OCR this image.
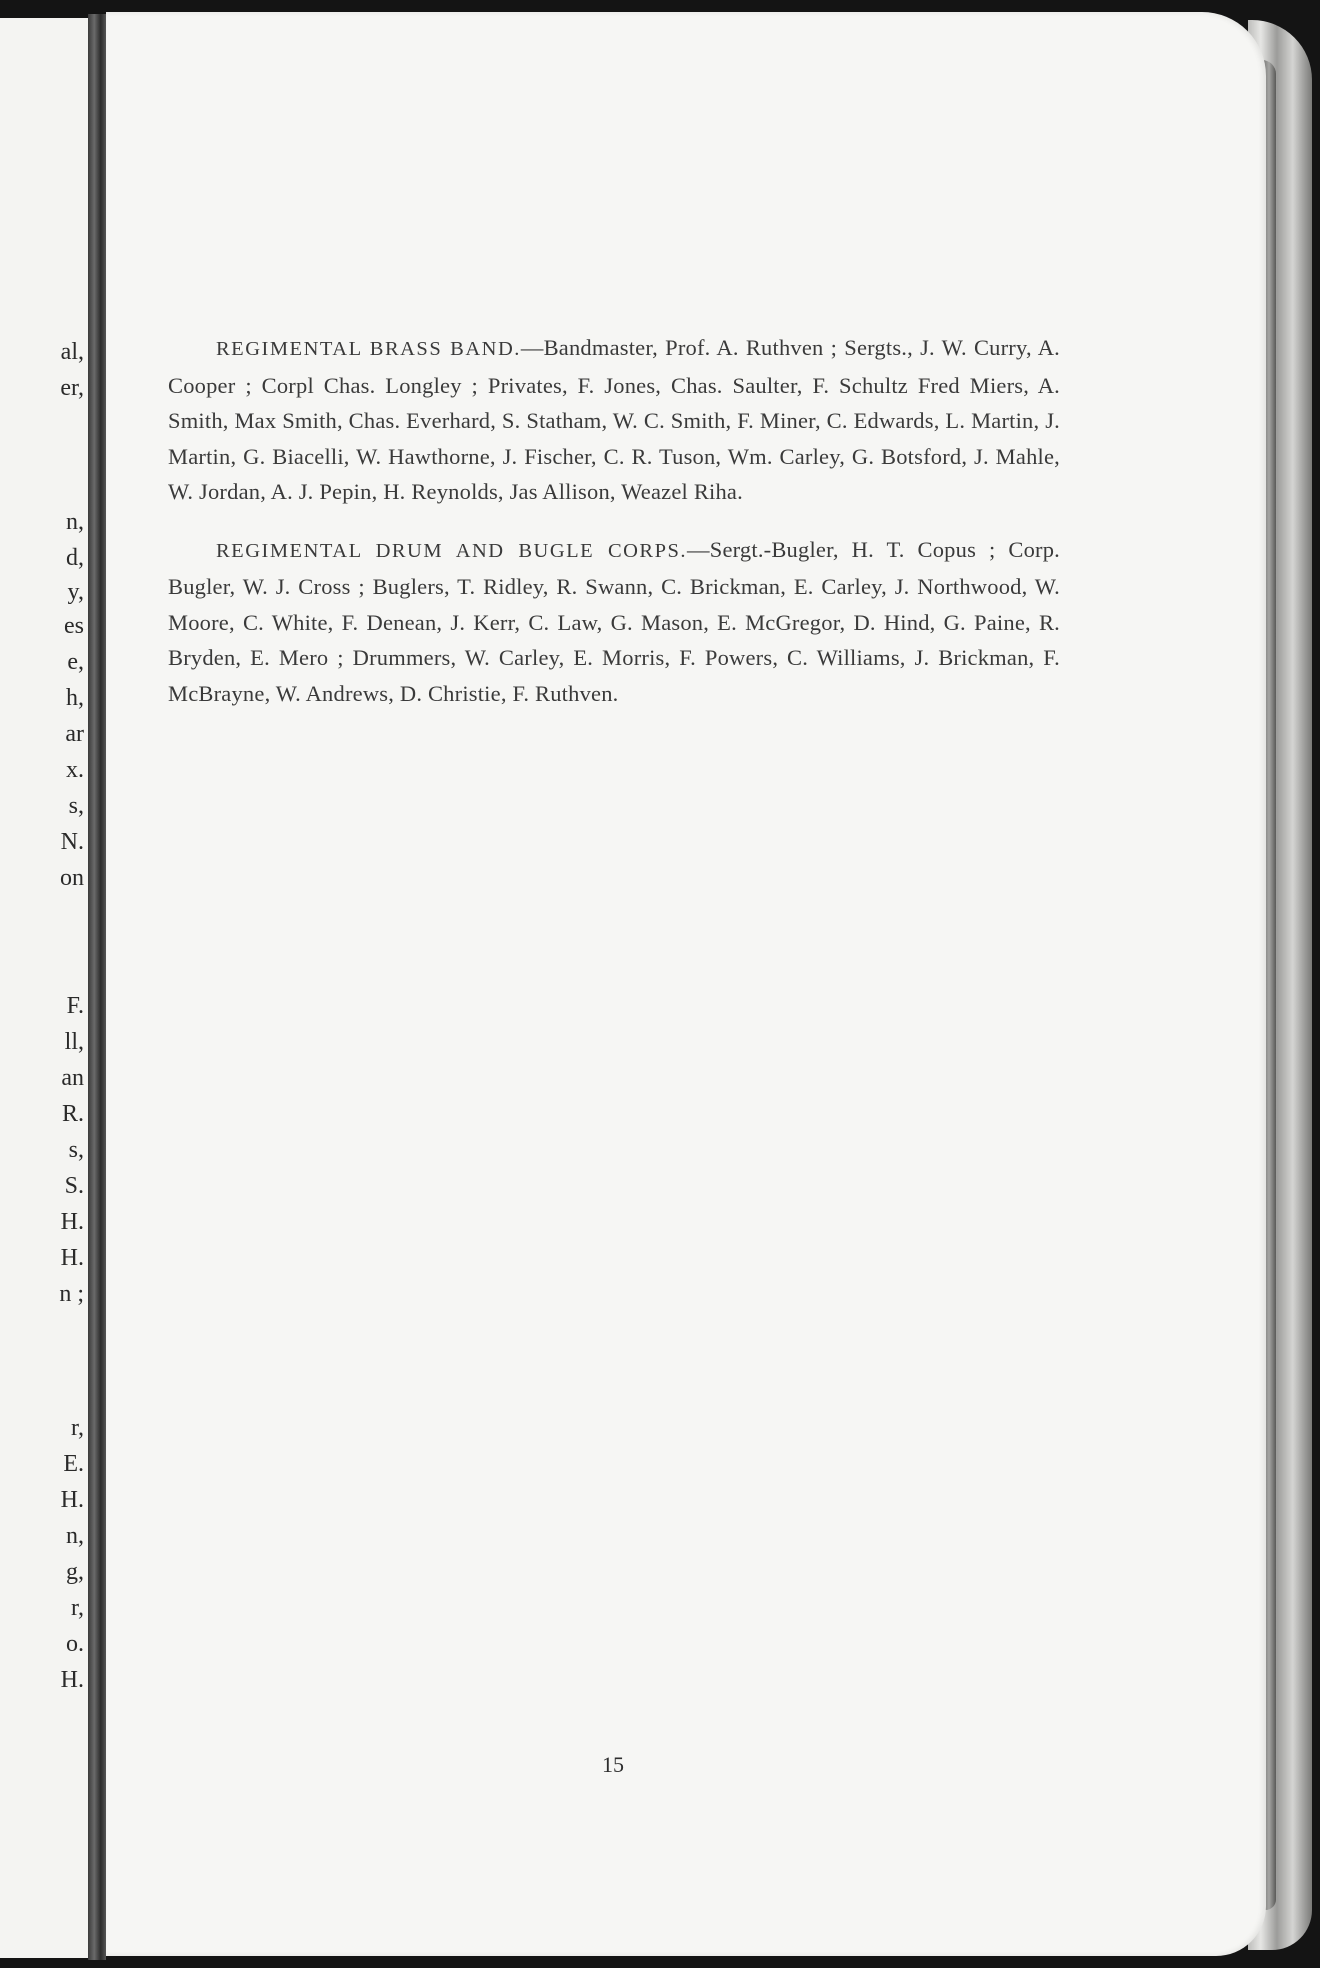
al,
er,
n,
d,
y,
es
e,
h,
ar
x.
s,
N.
on
F.
ll,
an
R.
s,
S.
H.
H.
n ;
r,
E.
H.
n,
g,
r,
o.
H.

REGIMENTAL BRASS BAND.—Bandmaster, Prof. A. Ruthven ; Sergts., J. W. Curry, A. Cooper ; Corpl Chas. Longley ; Privates, F. Jones, Chas. Saulter, F. Schultz Fred Miers, A. Smith, Max Smith, Chas. Everhard, S. Statham, W. C. Smith, F. Miner, C. Edwards, L. Martin, J. Martin, G. Biacelli, W. Hawthorne, J. Fischer, C. R. Tuson, Wm. Carley, G. Botsford, J. Mahle, W. Jordan, A. J. Pepin, H. Reynolds, Jas Allison, Weazel Riha.

REGIMENTAL DRUM AND BUGLE CORPS.—Sergt.-Bugler, H. T. Copus ; Corp. Bugler, W. J. Cross ; Buglers, T. Ridley, R. Swann, C. Brickman, E. Carley, J. Northwood, W. Moore, C. White, F. Denean, J. Kerr, C. Law, G. Mason, E. McGregor, D. Hind, G. Paine, R. Bryden, E. Mero ; Drummers, W. Carley, E. Morris, F. Powers, C. Williams, J. Brickman, F. McBrayne, W. Andrews, D. Christie, F. Ruthven.

15
